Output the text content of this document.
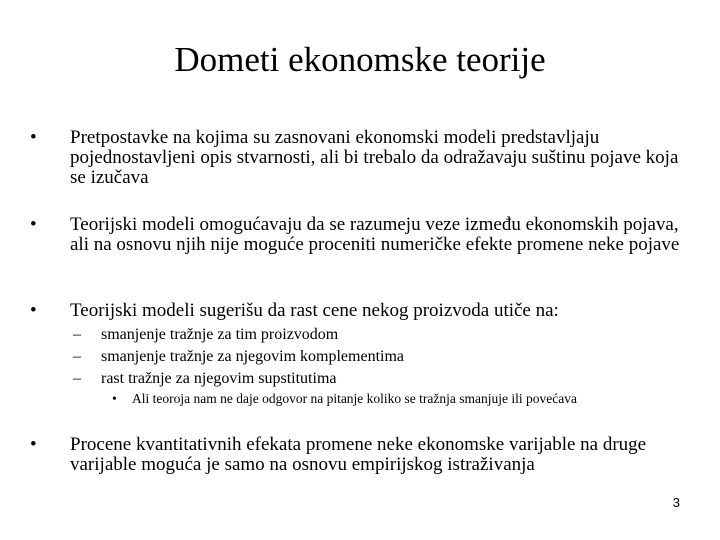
Dometi ekonomske teorije
•	Pretpostavke na kojima su zasnovani ekonomski modeli predstavljaju pojednostavljeni opis stvarnosti, ali bi trebalo da odražavaju suštinu pojave koja se izučava
•	Teorijski modeli omogućavaju da se razumeju veze između ekonomskih pojava, ali na osnovu njih nije moguće proceniti numeričke efekte promene neke pojave
•	Teorijski modeli sugerišu da rast cene nekog proizvoda utiče na:
– smanjenje tražnje za tim proizvodom
– smanjenje tražnje za njegovim komplementima
– rast tražnje za njegovim supstitutima
• Ali teoroja nam ne daje odgovor na pitanje koliko se tražnja smanjuje ili povećava
•	Procene kvantitativnih efekata promene neke ekonomske varijable na druge varijable moguća je samo na osnovu empirijskog istraživanja
3
